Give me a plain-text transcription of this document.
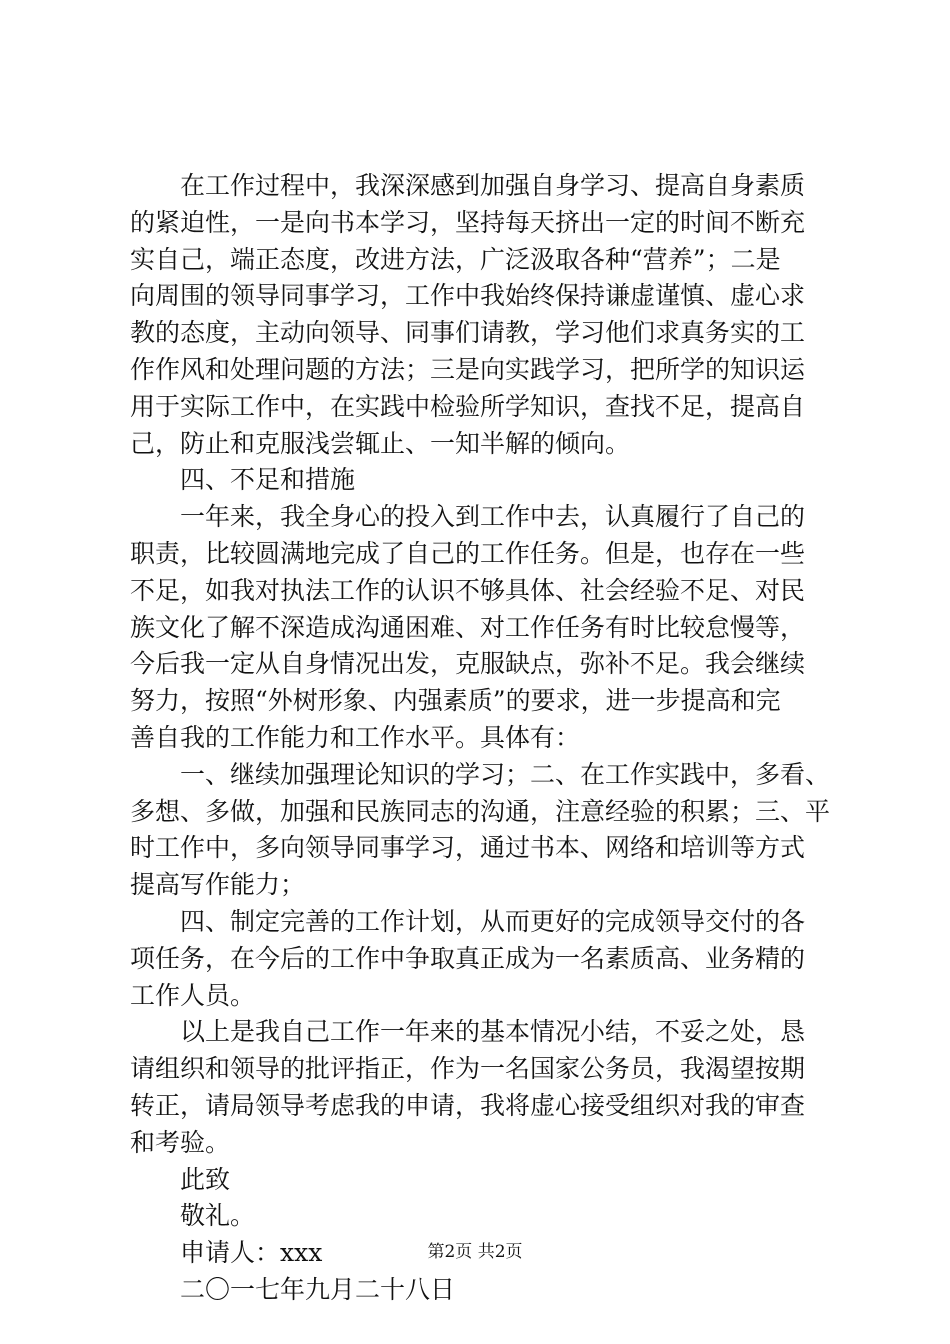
　　在工作过程中，我深深感到加强自身学习、提高自身素质
的紧迫性，一是向书本学习，坚持每天挤出一定的时间不断充
实自己，端正态度，改进方法，广泛汲取各种“营养”；二是
向周围的领导同事学习，工作中我始终保持谦虚谨慎、虚心求
教的态度，主动向领导、同事们请教，学习他们求真务实的工
作作风和处理问题的方法；三是向实践学习，把所学的知识运
用于实际工作中，在实践中检验所学知识，查找不足，提高自
己，防止和克服浅尝辄止、一知半解的倾向。
　　四、不足和措施
　　一年来，我全身心的投入到工作中去，认真履行了自己的
职责，比较圆满地完成了自己的工作任务。但是，也存在一些
不足，如我对执法工作的认识不够具体、社会经验不足、对民
族文化了解不深造成沟通困难、对工作任务有时比较怠慢等，
今后我一定从自身情况出发，克服缺点，弥补不足。我会继续
努力，按照“外树形象、内强素质”的要求，进一步提高和完
善自我的工作能力和工作水平。具体有：
　　一、继续加强理论知识的学习；二、在工作实践中，多看、
多想、多做，加强和民族同志的沟通，注意经验的积累；三、平
时工作中，多向领导同事学习，通过书本、网络和培训等方式
提高写作能力；
　　四、制定完善的工作计划，从而更好的完成领导交付的各
项任务，在今后的工作中争取真正成为一名素质高、业务精的
工作人员。
　　以上是我自己工作一年来的基本情况小结，不妥之处，恳
请组织和领导的批评指正，作为一名国家公务员，我渴望按期
转正，请局领导考虑我的申请，我将虚心接受组织对我的审查
和考验。
　　此致
　　敬礼。
　　申请人：xxx
　　二〇一七年九月二十八日
第2页 共2页
